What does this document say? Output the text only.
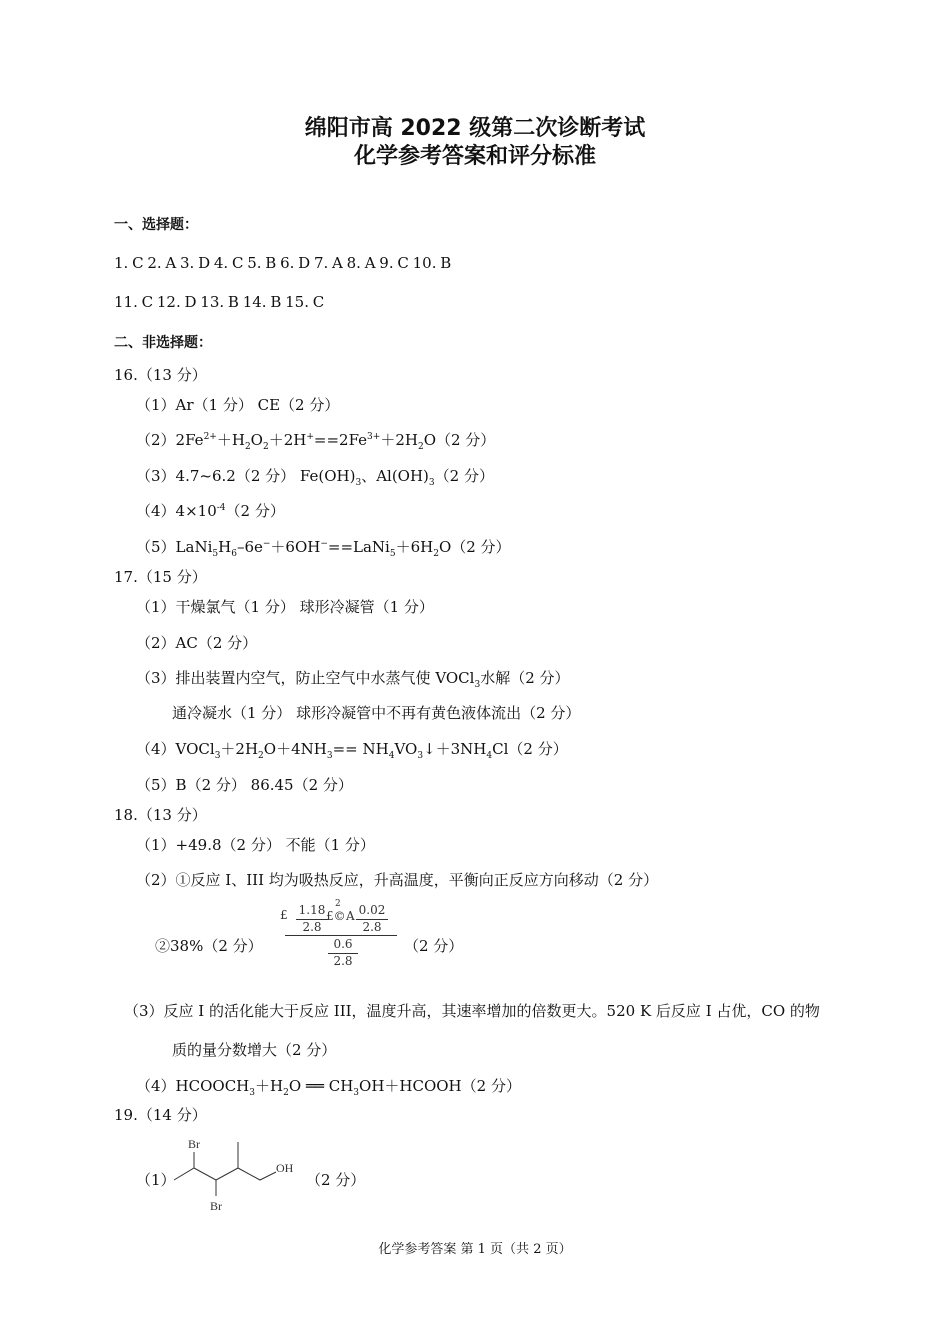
绵阳市高 2022 级第二次诊断考试
化学参考答案和评分标准
一、选择题：
1. C 2. A 3. D 4. C 5. B 6. D 7. A 8. A 9. C 10. B
11. C 12. D 13. B 14. B 15. C
二、非选择题：
16.（13 分）
（1）Ar（1 分） CE（2 分）
$(2)2Fe^{2+}+H_2O_2+2H^+==2Fe^{3+}+2H_2O(2$ 分）
（3）4.7~6.2（2 分） $Fe(OH)_3$、$Al(OH)_3(2$ 分）
$(4)4\times 10^{-4}(2$ 分）
$(5)LaNi_5H_6-6e^-+6OH^-==LaNi_5+6H_2O(2$ 分）
17.（15 分）
（1）干燥氯气（1 分） 球形冷凝管（1 分）
（2）AC（2 分）
（3）排出装置内空气，防止空气中水蒸气使 VOCl$_3$水解（2 分）
通冷凝水（1 分） 球形冷凝管中不再有黄色液体流出（2 分）
$(4)VOCl_3+2H_2O+4NH_3==$ $NH_4VO_3↓+3NH_4Cl(2$ 分）
（5）B（2 分） 86.45（2 分）
18.（13 分）
（1）+49.8（2 分） 不能（1 分）
（2）①反应 I、III 均为吸热反应，升高温度，平衡向正反应方向移动（2 分）
②38%（2 分）
£ 1.18
2.8
£©
2
A 0.02
2.8
0.6
2.8
（2 分）
（3）反应 I 的活化能大于反应 III，温度升高，其速率增加的倍数更大。520 K 后反应 I 占优，CO 的物
质的量分数增大（2 分）
$(4)HCOOCH_3+H_2O$ ══ $CH_3OH+HCOOH(2$ 分）
19.（14 分）
（1）
Br
Br
OH
（2 分）
化学参考答案 第 1 页（共 2 页）
